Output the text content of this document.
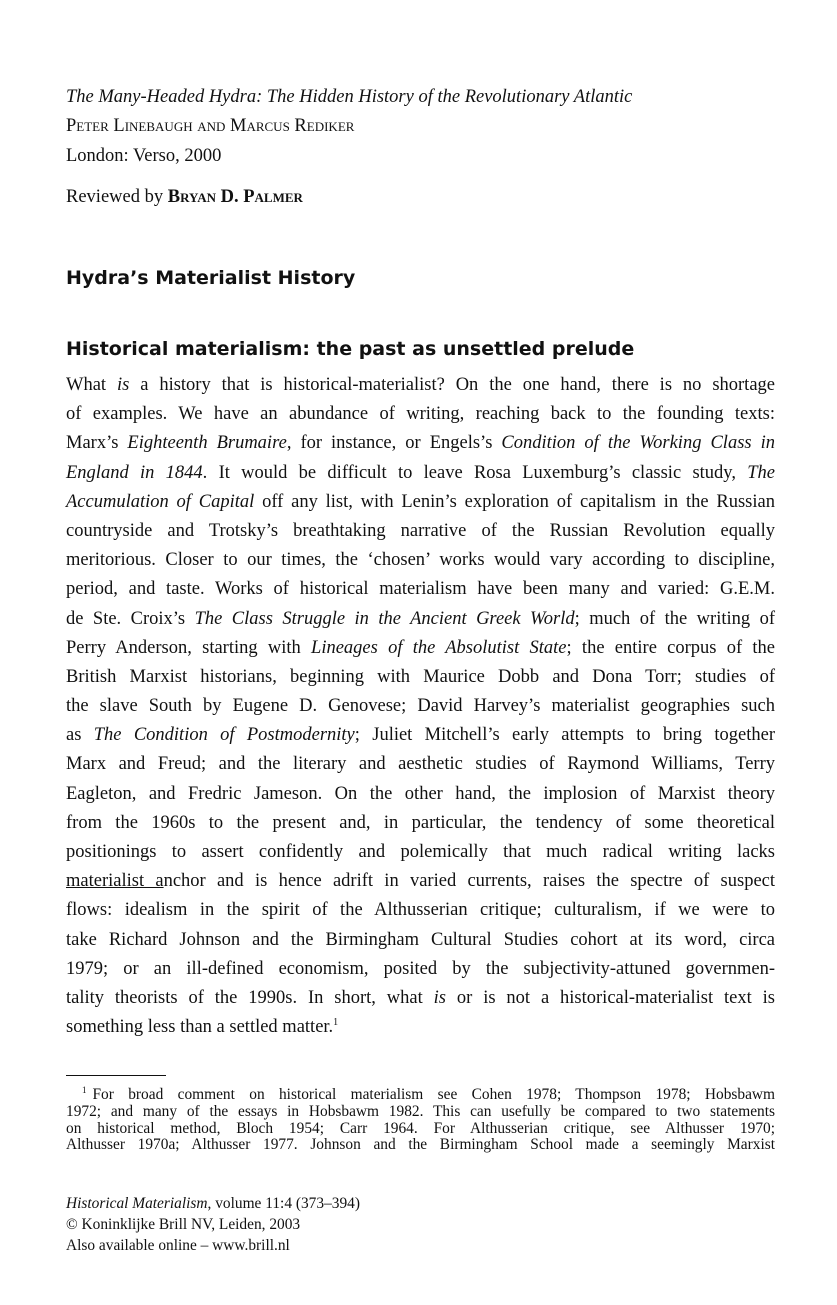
The Many-Headed Hydra: The Hidden History of the Revolutionary Atlantic
Peter Linebaugh and Marcus Rediker
London: Verso, 2000
Reviewed by Bryan D. Palmer
Hydra’s Materialist History
Historical materialism: the past as unsettled prelude
What is a history that is historical-materialist? On the one hand, there is no shortage
of examples. We have an abundance of writing, reaching back to the founding texts:
Marx’s Eighteenth Brumaire, for instance, or Engels’s Condition of the Working Class in
England in 1844. It would be difficult to leave Rosa Luxemburg’s classic study, The
Accumulation of Capital off any list, with Lenin’s exploration of capitalism in the Russian
countryside and Trotsky’s breathtaking narrative of the Russian Revolution equally
meritorious. Closer to our times, the ‘chosen’ works would vary according to discipline,
period, and taste. Works of historical materialism have been many and varied: G.E.M.
de Ste. Croix’s The Class Struggle in the Ancient Greek World; much of the writing of
Perry Anderson, starting with Lineages of the Absolutist State; the entire corpus of the
British Marxist historians, beginning with Maurice Dobb and Dona Torr; studies of
the slave South by Eugene D. Genovese; David Harvey’s materialist geographies such
as The Condition of Postmodernity; Juliet Mitchell’s early attempts to bring together
Marx and Freud; and the literary and aesthetic studies of Raymond Williams, Terry
Eagleton, and Fredric Jameson. On the other hand, the implosion of Marxist theory
from the 1960s to the present and, in particular, the tendency of some theoretical
positionings to assert confidently and polemically that much radical writing lacks
materialist anchor and is hence adrift in varied currents, raises the spectre of suspect
flows: idealism in the spirit of the Althusserian critique; culturalism, if we were to
take Richard Johnson and the Birmingham Cultural Studies cohort at its word, circa
1979; or an ill-defined economism, posited by the subjectivity-attuned governmen-
tality theorists of the 1990s. In short, what is or is not a historical-materialist text is
something less than a settled matter.$^1$
$^1$ For broad comment on historical materialism see Cohen 1978; Thompson 1978; Hobsbawm
1972; and many of the essays in Hobsbawm 1982. This can usefully be compared to two statements
on historical method, Bloch 1954; Carr 1964. For Althusserian critique, see Althusser 1970;
Althusser 1970a; Althusser 1977. Johnson and the Birmingham School made a seemingly Marxist
Historical Materialism, volume 11:4 (373–394)
© Koninklijke Brill NV, Leiden, 2003
Also available online – www.brill.nl
